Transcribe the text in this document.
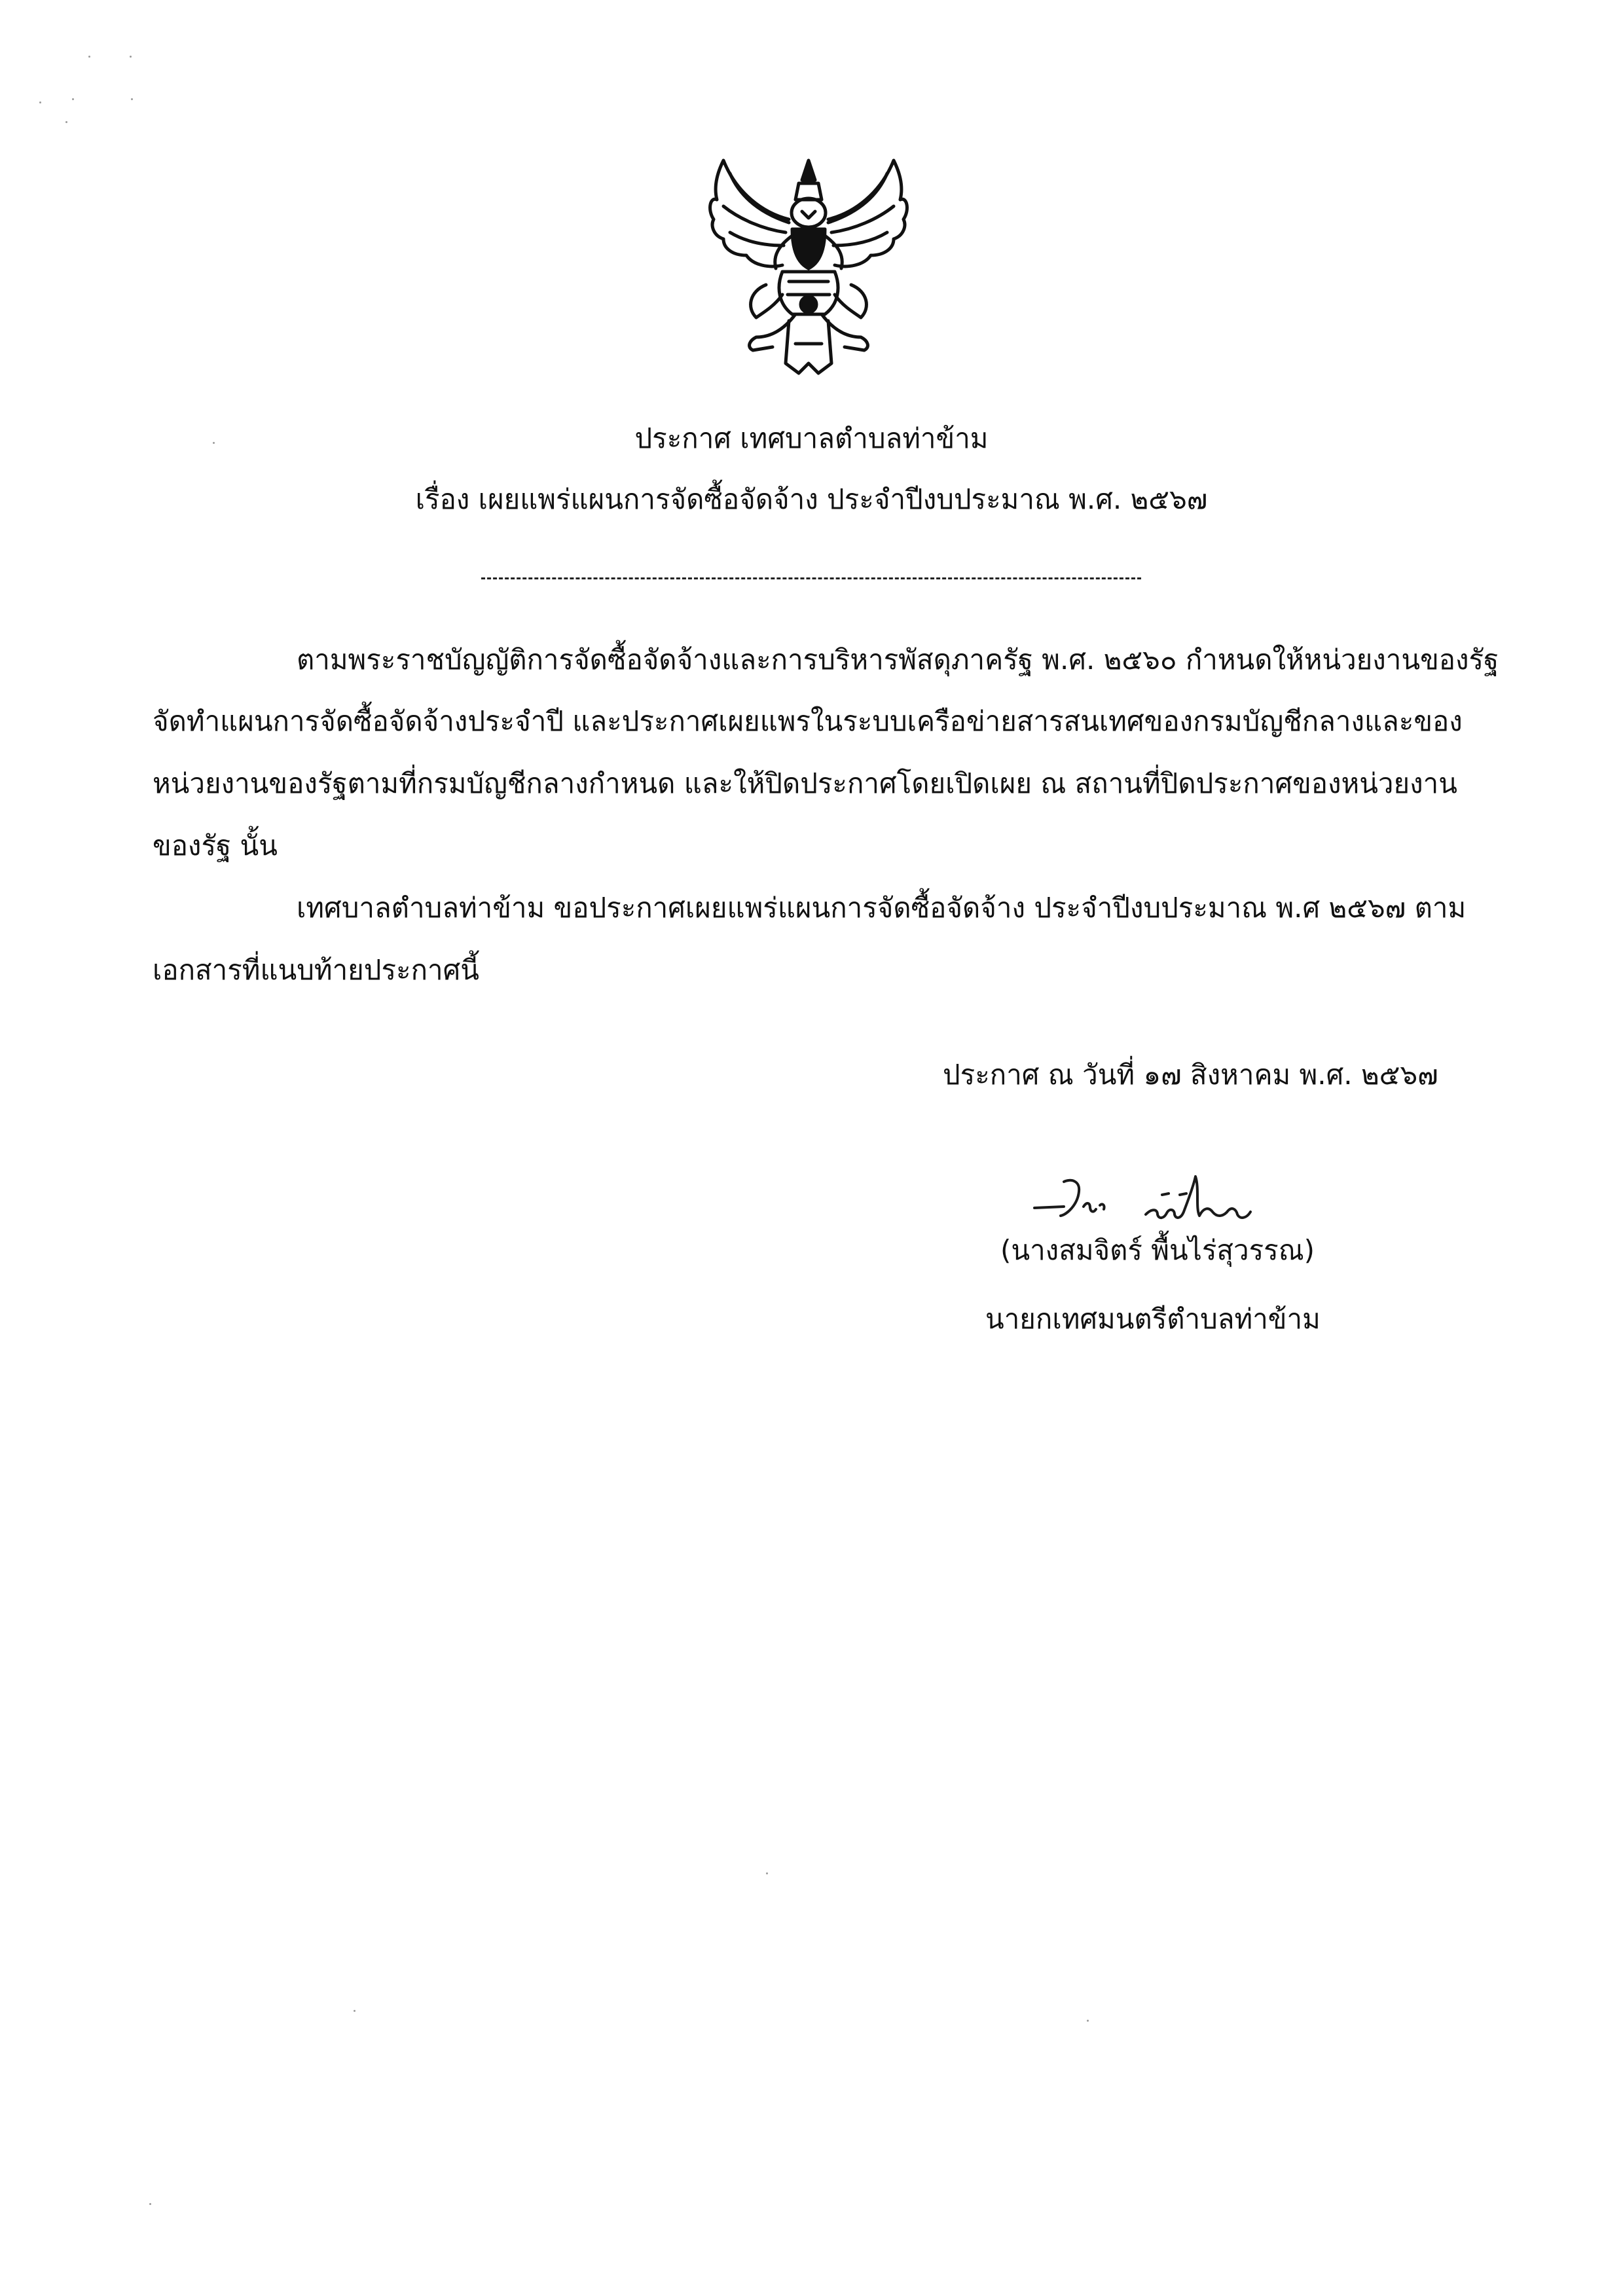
ประกาศ เทศบาลตำบลท่าข้าม
เรื่อง เผยแพร่แผนการจัดซื้อจัดจ้าง ประจำปีงบประมาณ พ.ศ. ๒๕๖๗
ตามพระราชบัญญัติการจัดซื้อจัดจ้างและการบริหารพัสดุภาครัฐ พ.ศ. ๒๕๖๐ กำหนดให้หน่วยงานของรัฐ
จัดทำแผนการจัดซื้อจัดจ้างประจำปี และประกาศเผยแพรในระบบเครือข่ายสารสนเทศของกรมบัญชีกลางและของ
หน่วยงานของรัฐตามที่กรมบัญชีกลางกำหนด และให้ปิดประกาศโดยเปิดเผย ณ สถานที่ปิดประกาศของหน่วยงาน
ของรัฐ นั้น
เทศบาลตำบลท่าข้าม ขอประกาศเผยแพร่แผนการจัดซื้อจัดจ้าง ประจำปีงบประมาณ พ.ศ ๒๕๖๗ ตาม
เอกสารที่แนบท้ายประกาศนี้
ประกาศ ณ วันที่ ๑๗ สิงหาคม พ.ศ. ๒๕๖๗
(นางสมจิตร์ พื้นไร่สุวรรณ)
นายกเทศมนตรีตำบลท่าข้าม
